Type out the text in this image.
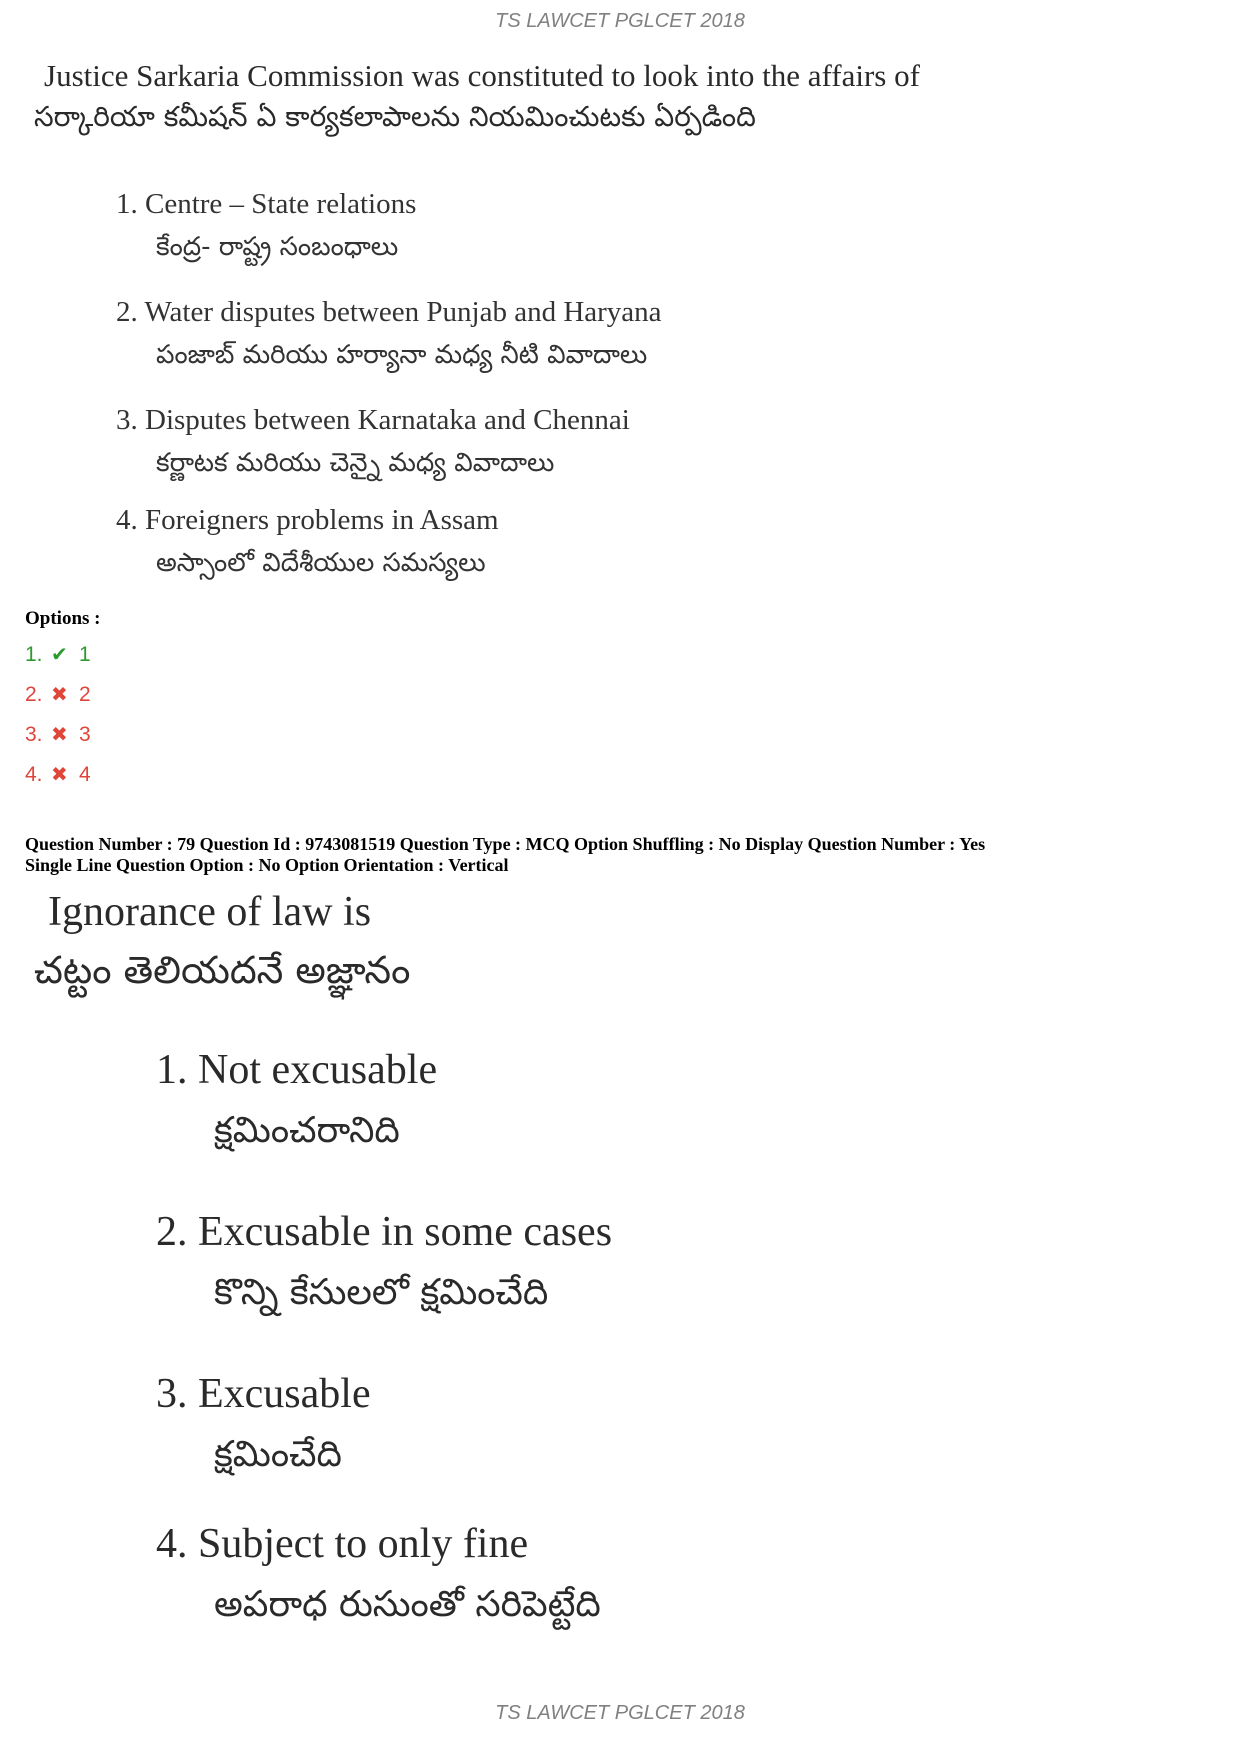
TS LAWCET PGLCET 2018
Justice Sarkaria Commission was constituted to look into the affairs of
సర్కారియా కమీషన్ ఏ కార్యకలాపాలను నియమించుటకు ఏర్పడింది
1. Centre – State relations
కేంద్ర- రాష్ట్ర సంబంధాలు
2. Water disputes between Punjab and Haryana
పంజాబ్ మరియు హర్యానా మధ్య నీటి వివాదాలు
3. Disputes between Karnataka and Chennai
కర్ణాటక మరియు చెన్నై మధ్య వివాదాలు
4. Foreigners problems in Assam
అస్సాంలో విదేశీయుల సమస్యలు
Options :
1. ✔ 1
2. ✖ 2
3. ✖ 3
4. ✖ 4
Question Number : 79 Question Id : 9743081519 Question Type : MCQ Option Shuffling : No Display Question Number : Yes
Single Line Question Option : No Option Orientation : Vertical
Ignorance of law is
చట్టం తెలియదనే అజ్ఞానం
1. Not excusable
క్షమించరానిది
2. Excusable in some cases
కొన్ని కేసులలో క్షమించేది
3. Excusable
క్షమించేది
4. Subject to only fine
అపరాధ రుసుంతో సరిపెట్టేది
TS LAWCET PGLCET 2018
